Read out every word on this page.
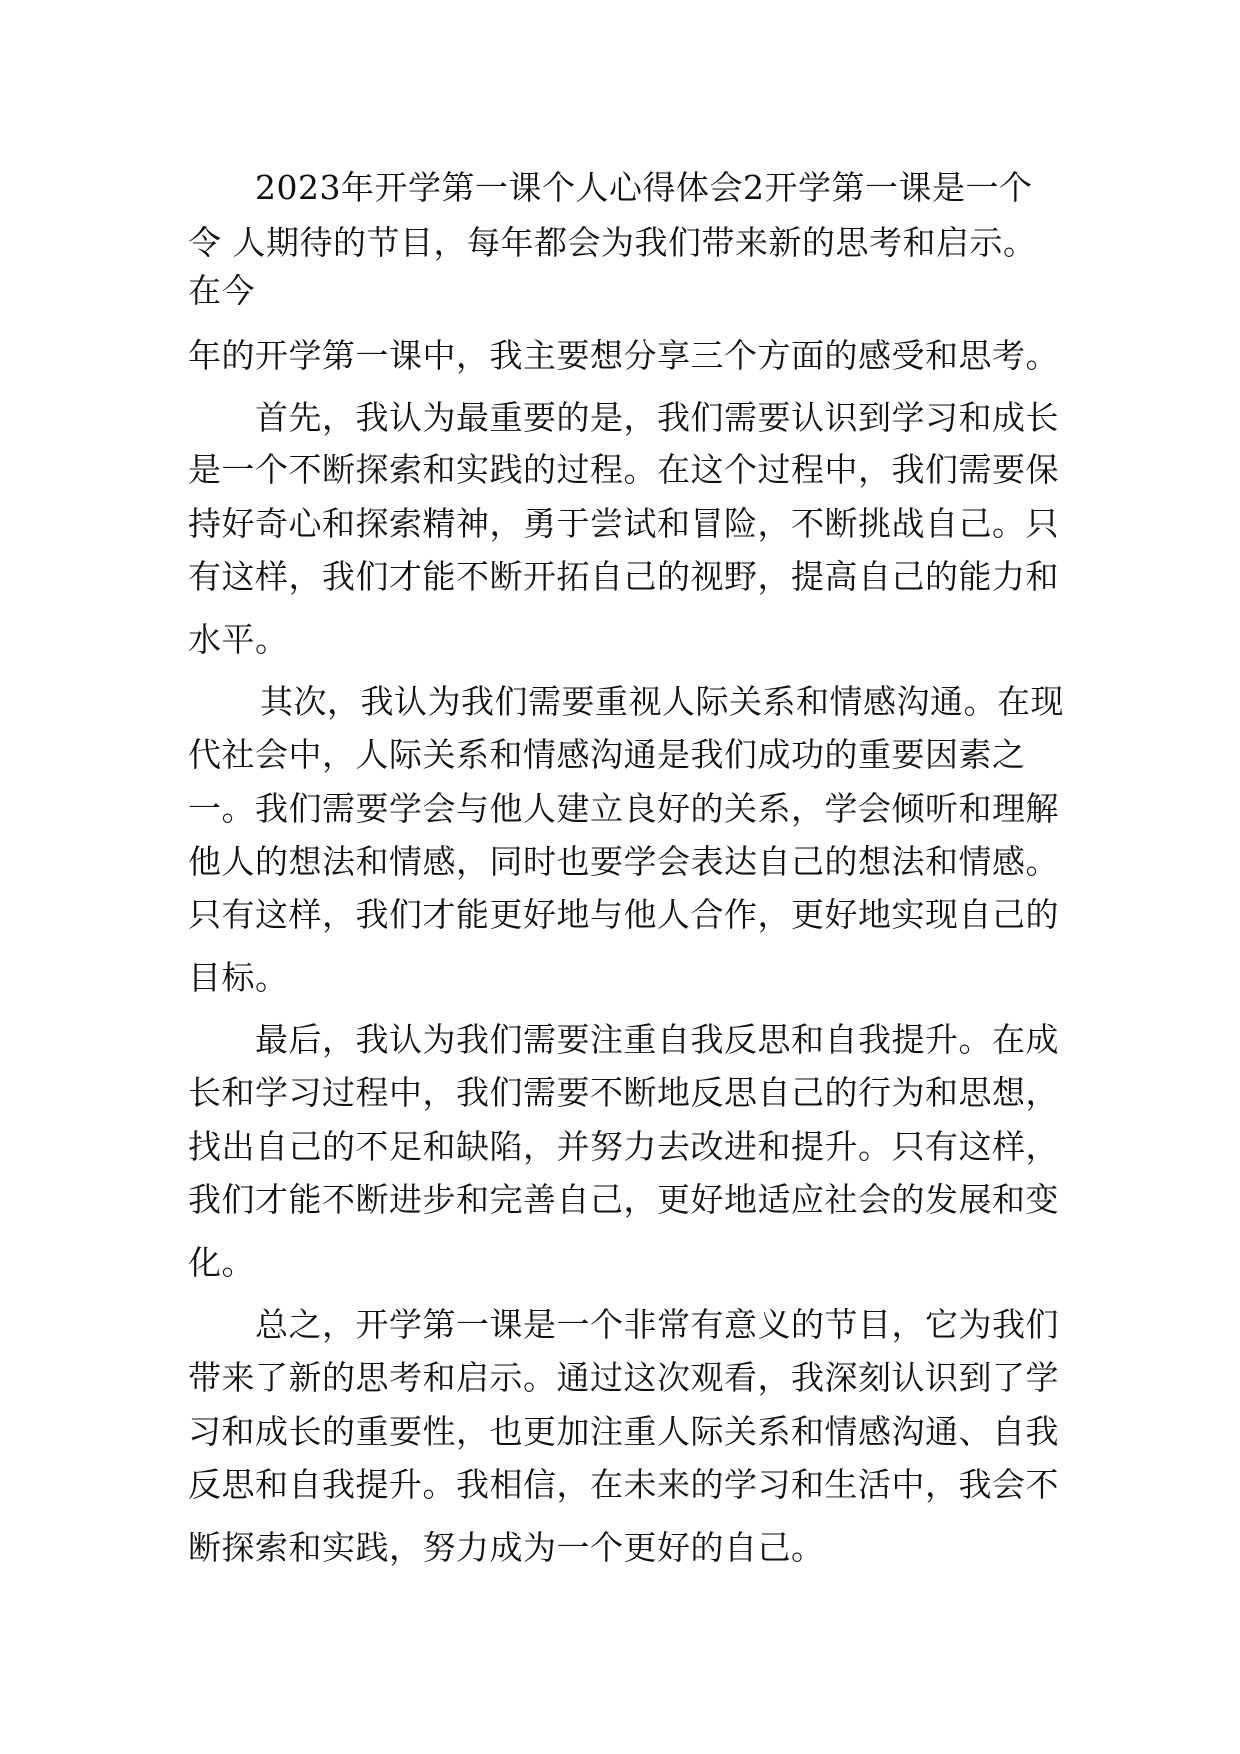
2023年开学第一课个人心得体会2开学第一课是一个

令 人期待的节目，每年都会为我们带来新的思考和启示。

在今

年的开学第一课中，我主要想分享三个方面的感受和思考。

首先，我认为最重要的是，我们需要认识到学习和成长

是一个不断探索和实践的过程。在这个过程中，我们需要保

持好奇心和探索精神，勇于尝试和冒险，不断挑战自己。只

有这样，我们才能不断开拓自己的视野，提高自己的能力和

水平。

其次，我认为我们需要重视人际关系和情感沟通。在现

代社会中，人际关系和情感沟通是我们成功的重要因素之

一。我们需要学会与他人建立良好的关系，学会倾听和理解

他人的想法和情感，同时也要学会表达自己的想法和情感。

只有这样，我们才能更好地与他人合作，更好地实现自己的

目标。

最后，我认为我们需要注重自我反思和自我提升。在成

长和学习过程中，我们需要不断地反思自己的行为和思想，

找出自己的不足和缺陷，并努力去改进和提升。只有这样，

我们才能不断进步和完善自己，更好地适应社会的发展和变

化。

总之，开学第一课是一个非常有意义的节目，它为我们

带来了新的思考和启示。通过这次观看，我深刻认识到了学

习和成长的重要性，也更加注重人际关系和情感沟通、自我

反思和自我提升。我相信，在未来的学习和生活中，我会不

断探索和实践，努力成为一个更好的自己。
